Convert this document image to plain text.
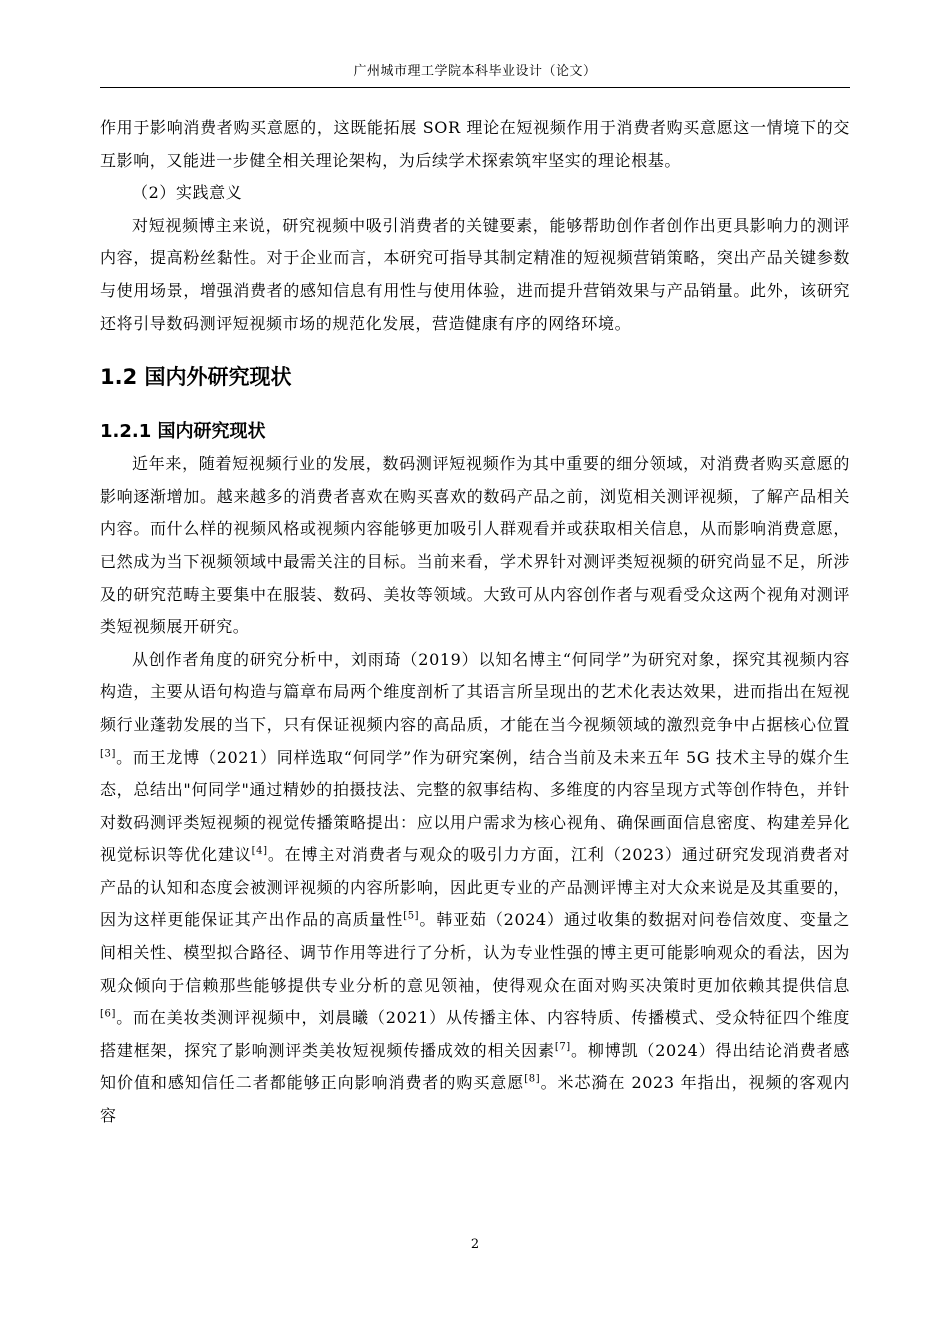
广州城市理工学院本科毕业设计（论文）

作用于影响消费者购买意愿的，这既能拓展 SOR 理论在短视频作用于消费者购买意愿这一情境下的交互影响，又能进一步健全相关理论架构，为后续学术探索筑牢坚实的理论根基。

（2）实践意义

对短视频博主来说，研究视频中吸引消费者的关键要素，能够帮助创作者创作出更具影响力的测评内容，提高粉丝黏性。对于企业而言，本研究可指导其制定精准的短视频营销策略，突出产品关键参数与使用场景，增强消费者的感知信息有用性与使用体验，进而提升营销效果与产品销量。此外，该研究还将引导数码测评短视频市场的规范化发展，营造健康有序的网络环境。

1.2 国内外研究现状
1.2.1 国内研究现状

近年来，随着短视频行业的发展，数码测评短视频作为其中重要的细分领域，对消费者购买意愿的影响逐渐增加。越来越多的消费者喜欢在购买喜欢的数码产品之前，浏览相关测评视频，了解产品相关内容。而什么样的视频风格或视频内容能够更加吸引人群观看并或获取相关信息，从而影响消费意愿，已然成为当下视频领域中最需关注的目标。当前来看，学术界针对测评类短视频的研究尚显不足，所涉及的研究范畴主要集中在服装、数码、美妆等领域。大致可从内容创作者与观看受众这两个视角对测评类短视频展开研究。

从创作者角度的研究分析中，刘雨琦（2019）以知名博主“何同学”为研究对象，探究其视频内容构造，主要从语句构造与篇章布局两个维度剖析了其语言所呈现出的艺术化表达效果，进而指出在短视频行业蓬勃发展的当下，只有保证视频内容的高品质，才能在当今视频领域的激烈竞争中占据核心位置[3]。而王龙博（2021）同样选取“何同学”作为研究案例，结合当前及未来五年 5G 技术主导的媒介生态，总结出"何同学"通过精妙的拍摄技法、完整的叙事结构、多维度的内容呈现方式等创作特色，并针对数码测评类短视频的视觉传播策略提出：应以用户需求为核心视角、确保画面信息密度、构建差异化视觉标识等优化建议[4]。在博主对消费者与观众的吸引力方面，江利（2023）通过研究发现消费者对产品的认知和态度会被测评视频的内容所影响，因此更专业的产品测评博主对大众来说是及其重要的，因为这样更能保证其产出作品的高质量性[5]。韩亚茹（2024）通过收集的数据对问卷信效度、变量之间相关性、模型拟合路径、调节作用等进行了分析，认为专业性强的博主更可能影响观众的看法，因为观众倾向于信赖那些能够提供专业分析的意见领袖，使得观众在面对购买决策时更加依赖其提供信息[6]。而在美妆类测评视频中，刘晨曦（2021）从传播主体、内容特质、传播模式、受众特征四个维度搭建框架，探究了影响测评类美妆短视频传播成效的相关因素[7]。柳博凯（2024）得出结论消费者感知价值和感知信任二者都能够正向影响消费者的购买意愿[8]。米芯漪在 2023 年指出，视频的客观内容

2
